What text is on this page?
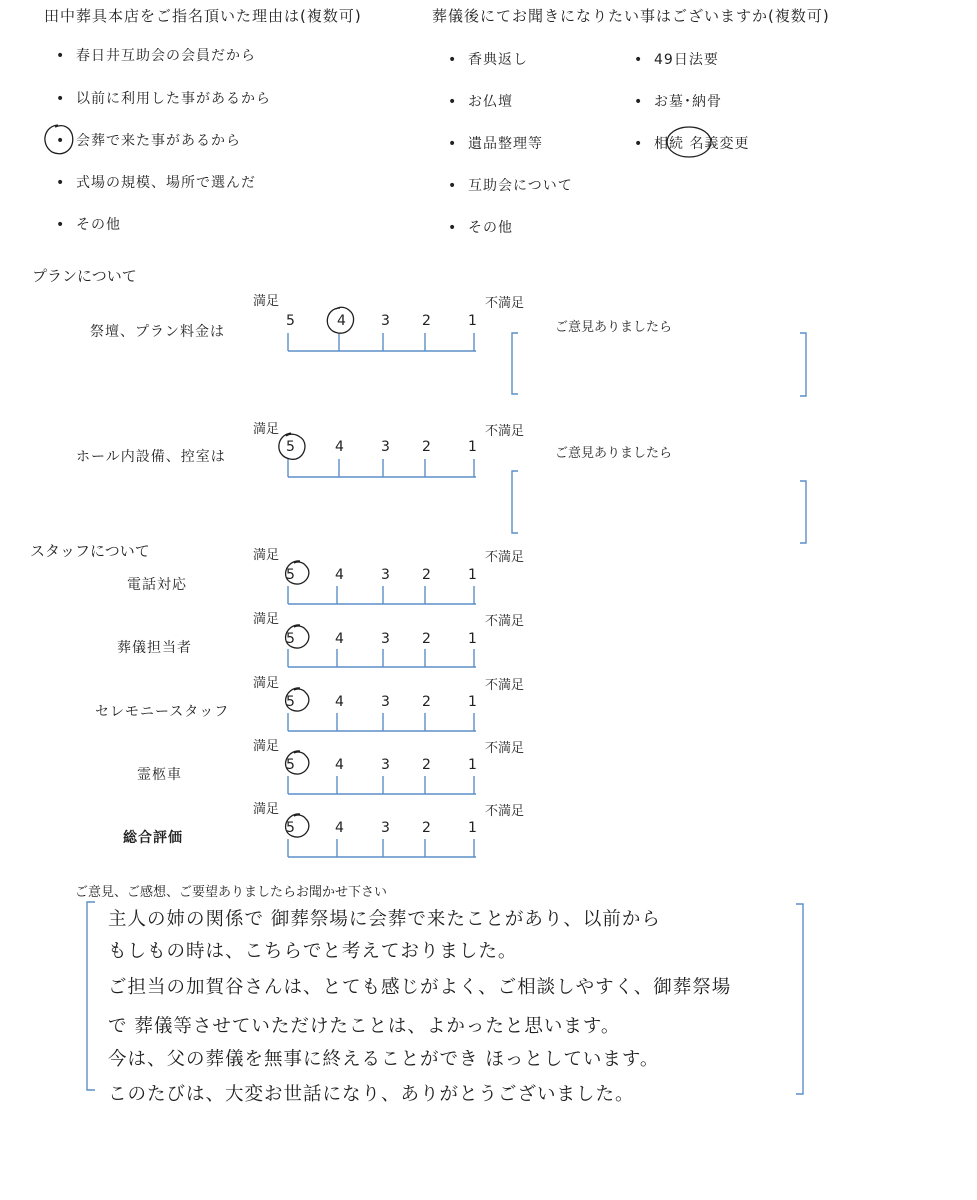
田中葬具本店をご指名頂いた理由は(複数可)
• 春日井互助会の会員だから
• 以前に利用した事があるから
• 会葬で来た事があるから
• 式場の規模、場所で選んだ
• その他
葬儀後にてお聞きになりたい事はございますか(複数可)
• 香典返し
• お仏壇
• 遺品整理等
• 互助会について
• その他
• 49日法要
• お墓･納骨
• 相続 名義変更
プランについて
満足	不満足
祭壇、プラン料金は
5	4	3 2	1	ご意見ありましたら
満足	不満足
ホール内設備、控室は
5	4	3 2	1	ご意見ありましたら
スタッフについて	満足	不満足
電話対応
5	4	3 2	1
満足	不満足
葬儀担当者
5	4	3 2	1
満足	不満足
セレモニースタッフ
5	4	3 2	1
満足	不満足
霊柩車
5	4	3 2	1
満足	不満足
総合評価
5	4	3 2	1
ご意見、ご感想、ご要望ありましたらお聞かせ下さい
主人の姉の関係で 御葬祭場に会葬で来たことがあり、以前から
もしもの時は、こちらでと考えておりました。
ご担当の加賀谷さんは、とても感じがよく、ご相談しやすく、御葬祭場
で 葬儀等させていただけたことは、よかったと思います。
今は、父の葬儀を無事に終えることができ ほっとしています。
このたびは、大変お世話になり、ありがとうございました。
